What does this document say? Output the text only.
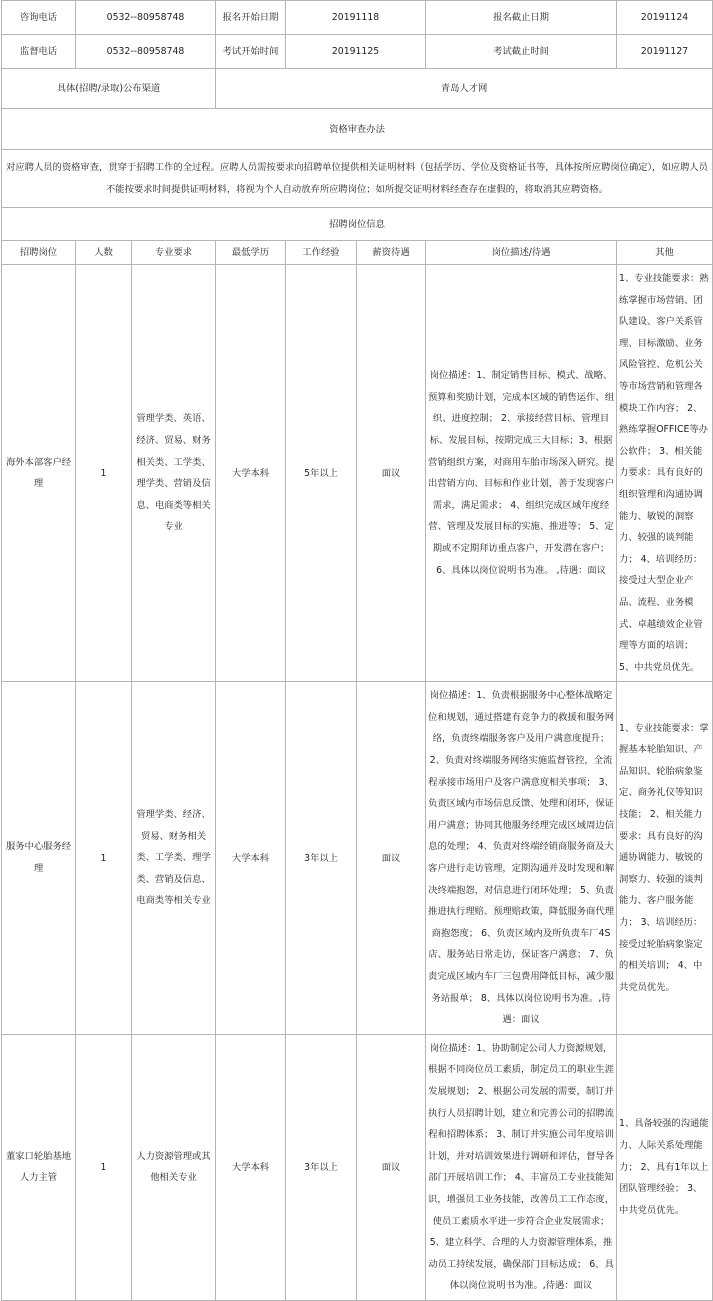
咨询电话	0532--80958748		报名开始日期	20191118		报名截止日期	20191124
监督电话	0532--80958748		考试开始时间	20191125		考试截止时间	20191127
具体(招聘/录取)公布渠道			青岛人才网				
资格审查办法							
对应聘人员的资格审查，贯穿于招聘工作的全过程。应聘人员需按要求向招聘单位提供相关证明材料（包括学历、学位及资格证书等，具体按所应聘岗位确定），如应聘人员不能按要求时间提供证明材料，将视为个人自动放弃所应聘岗位；如所提交证明材料经查存在虚假的，将取消其应聘资格。							
招聘岗位信息							
招聘岗位	人数	专业要求	最低学历	工作经验	薪资待遇	岗位描述/待遇	其他
海外本部客户经理	1	管理学类、英语、经济、贸易、财务相关类、工学类、理学类、营销及信息、电商类等相关专业	大学本科	5年以上	面议	岗位描述：1、制定销售目标、模式、战略、预算和奖励计划，完成本区域的销售运作、组织、进度控制； 2、承接经营目标、管理目标、发展目标，按期完成三大目标；3、根据营销组织方案，对商用车胎市场深入研究。提出营销方向、目标和作业计划，善于发现客户需求，满足需求； 4、组织完成区域年度经营、管理及发展目标的实施、推进等； 5、定期或不定期拜访重点客户，开发潜在客户； 6、具体以岗位说明书为准。 ,待遇：面议	1、专业技能要求：熟练掌握市场营销、团队建设、客户关系管理、目标激励、业务风险管控、危机公关等市场营销和管理各模块工作内容； 2、熟练掌握OFFICE等办公软件； 3、相关能力要求：具有良好的组织管理和沟通协调能力、敏锐的洞察力、较强的谈判能力； 4、培训经历：接受过大型企业产品、流程、业务模式、卓越绩效企业管理等方面的培训； 5、中共党员优先。
服务中心服务经理	1	管理学类、经济、贸易、财务相关类、工学类、理学类、营销及信息、电商类等相关专业	大学本科	3年以上	面议	岗位描述：1、负责根据服务中心整体战略定位和规划，通过搭建有竞争力的救援和服务网络，负责终端服务客户及用户满意度提升； 2、负责对终端服务网络实施监督管控，全流程承接市场用户及客户满意度相关事项； 3、负责区域内市场信息反馈、处理和闭环，保证用户满意；协同其他服务经理完成区域周边信息的处理； 4、负责对终端经销商服务商及大客户进行走访管理，定期沟通并及时发现和解决终端抱怨，对信息进行闭环处理； 5、负责推进执行理赔、预理赔政策，降低服务商代理商抱怨度； 6、负责区域内及所负责车厂4S店、服务站日常走访，保证客户满意； 7、负责完成区域内车厂三包费用降低目标，减少服务站报单； 8、具体以岗位说明书为准。,待遇：面议	1、专业技能要求：掌握基本轮胎知识、产品知识、轮胎病象鉴定、商务礼仪等知识技能； 2、相关能力要求：具有良好的沟通协调能力、敏锐的洞察力、较强的谈判能力、客户服务能力； 3、培训经历：接受过轮胎病象鉴定的相关培训； 4、中共党员优先。
董家口轮胎基地人力主管	1	人力资源管理或其他相关专业	大学本科	3年以上	面议	岗位描述：1、协助制定公司人力资源规划，根据不同岗位员工素质，制定员工的职业生涯发展规划； 2、根据公司发展的需要，制订并执行人员招聘计划，建立和完善公司的招聘流程和招聘体系； 3、制订并实施公司年度培训计划，并对培训效果进行调研和评估，督导各部门开展培训工作； 4、丰富员工专业技能知识，增强员工业务技能，改善员工工作态度，使员工素质水平进一步符合企业发展需求； 5、建立科学、合理的人力资源管理体系，推动员工持续发展，确保部门目标达成； 6、具体以岗位说明书为准。,待遇：面议	1、具备较强的沟通能力、人际关系处理能力； 2、具有1年以上团队管理经验； 3、中共党员优先。
